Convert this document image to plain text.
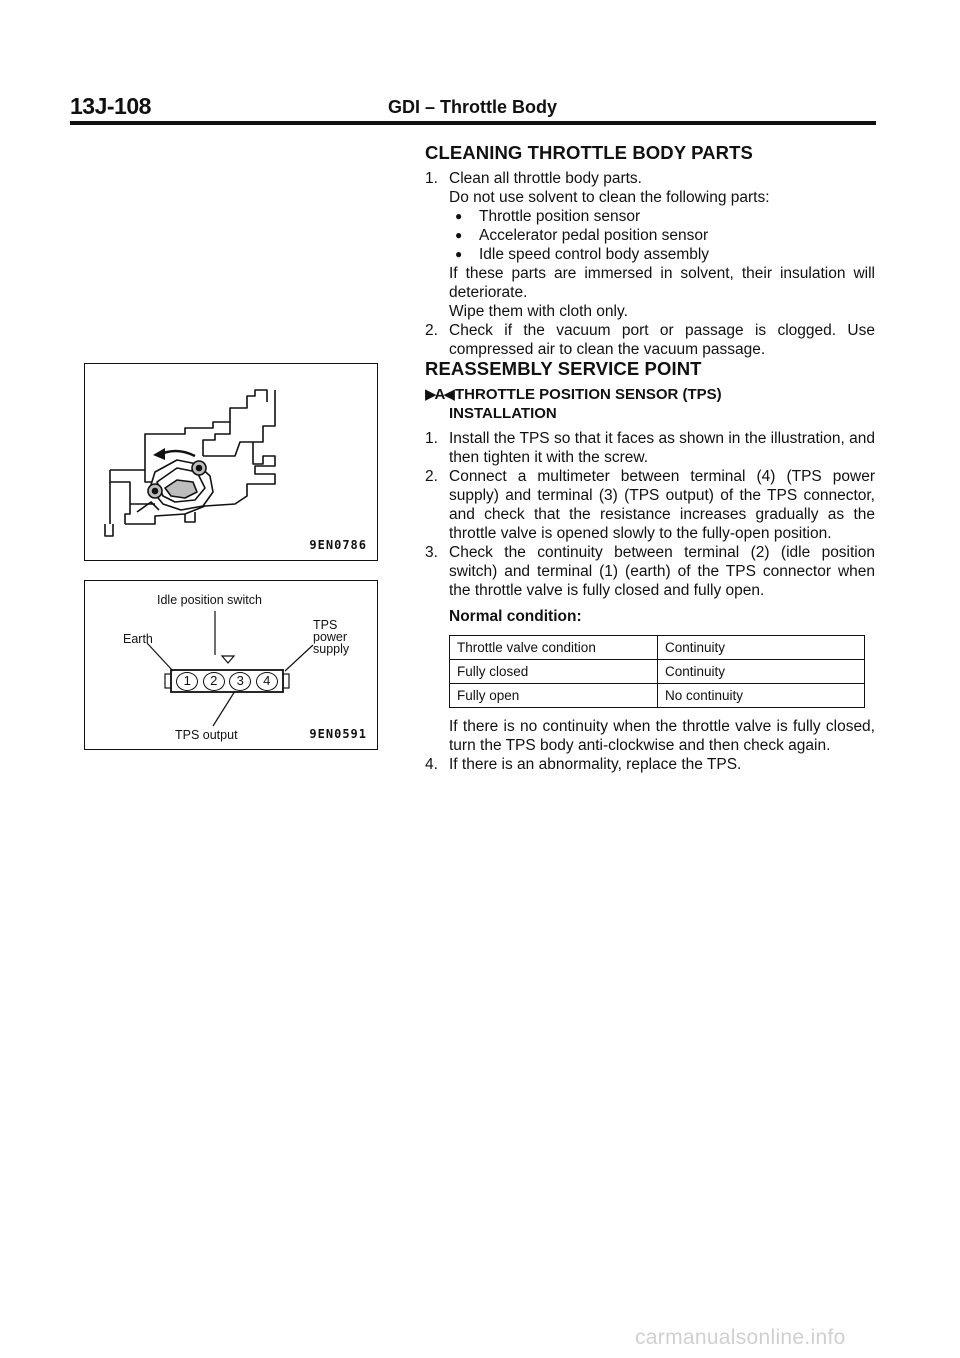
13J-108	GDI – Throttle Body
CLEANING THROTTLE BODY PARTS
1. Clean all throttle body parts.
Do not use solvent to clean the following parts:
● Throttle position sensor
● Accelerator pedal position sensor
● Idle speed control body assembly
If these parts are immersed in solvent, their insulation will deteriorate.
Wipe them with cloth only.
2. Check if the vacuum port or passage is clogged. Use compressed air to clean the vacuum passage.
REASSEMBLY SERVICE POINT
▶A◀ THROTTLE POSITION SENSOR (TPS)
INSTALLATION
1. Install the TPS so that it faces as shown in the illustration, and then tighten it with the screw.
2. Connect a multimeter between terminal (4) (TPS power supply) and terminal (3) (TPS output) of the TPS connector, and check that the resistance increases gradually as the throttle valve is opened slowly to the fully-open position.
3. Check the continuity between terminal (2) (idle position switch) and terminal (1) (earth) of the TPS connector when the throttle valve is fully closed and fully open.
Normal condition:
Throttle valve condition	Continuity
Fully closed	Continuity
Fully open	No continuity
If there is no continuity when the throttle valve is fully closed, turn the TPS body anti-clockwise and then check again.
4. If there is an abnormality, replace the TPS.
9EN0786
Idle position switch
Earth
TPS
power
supply
1	2	3	4
TPS output	9EN0591
carmanualsonline.info
